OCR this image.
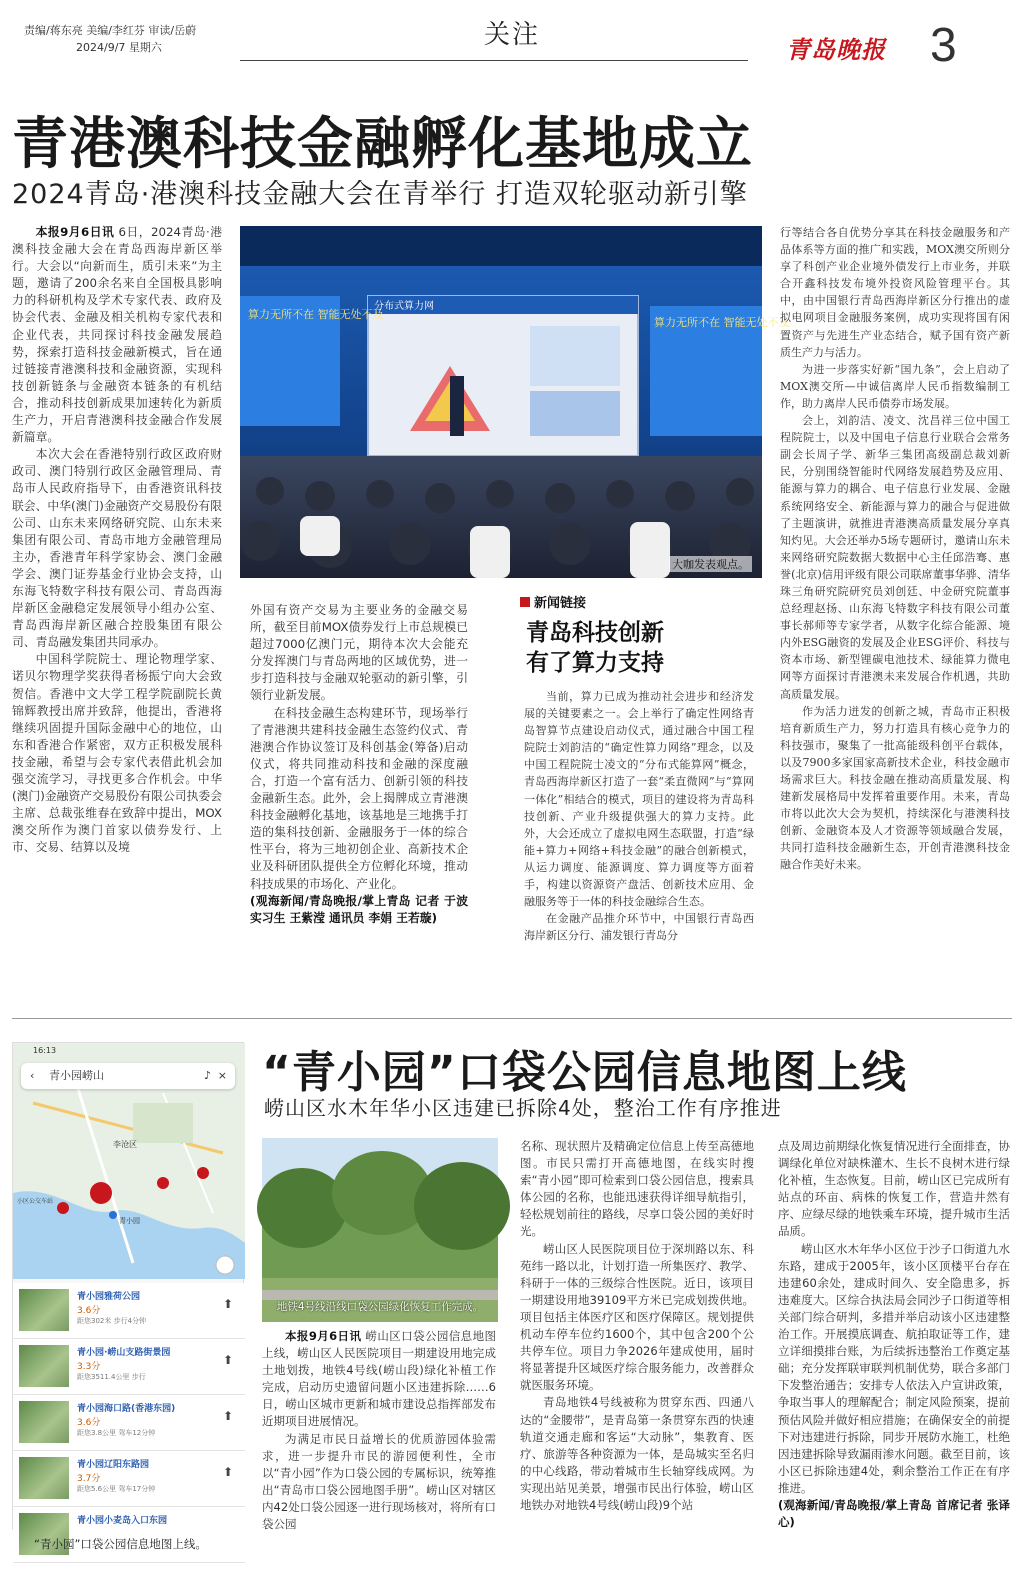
责编/蒋东亮 美编/李红芬 审读/岳蔚
2024/9/7 星期六	关注	青岛晚报 3
青港澳科技金融孵化基地成立
2024青岛·港澳科技金融大会在青举行 打造双轮驱动新引擎

本报9月6日讯 6日，2024青岛·港澳科技金融大会在青岛西海岸新区举行。大会以“向新而生，质引未来”为主题，邀请了200余名来自全国极具影响力的科研机构及学术专家代表、政府及协会代表、金融及相关机构专家代表和企业代表，共同探讨科技金融发展趋势，探索打造科技金融新模式，旨在通过链接青港澳科技和金融资源，实现科技创新链条与金融资本链条的有机结合，推动科技创新成果加速转化为新质生产力，开启青港澳科技金融合作发展新篇章。

本次大会在香港特别行政区政府财政司、澳门特别行政区金融管理局、青岛市人民政府指导下，由香港资讯科技联会、中华(澳门)金融资产交易股份有限公司、山东未来网络研究院、山东未来集团有限公司、青岛市地方金融管理局主办，香港青年科学家协会、澳门金融学会、澳门证券基金行业协会支持，山东海飞特数字科技有限公司、青岛西海岸新区金融稳定发展领导小组办公室、青岛西海岸新区融合控股集团有限公司、青岛融发集团共同承办。

中国科学院院士、理论物理学家、诺贝尔物理学奖获得者杨振宁向大会致贺信。香港中文大学工程学院副院长黄锦辉教授出席并致辞，他提出，香港将继续巩固提升国际金融中心的地位，山东和香港合作紧密，双方正积极发展科技金融，希望与会专家代表借此机会加强交流学习，寻找更多合作机会。中华(澳门)金融资产交易股份有限公司执委会主席、总裁张维春在致辞中提出，MOX澳交所作为澳门首家以债券发行、上市、交易、结算以及境

算力无所不在 智能无处不及
算力无所不在 智能无处不及
分布式算力网
大咖发表观点。

外国有资产交易为主要业务的金融交易所，截至目前MOX债券发行上市总规模已超过7000亿澳门元，期待本次大会能充分发挥澳门与青岛两地的区域优势，进一步打造科技与金融双轮驱动的新引擎，引领行业新发展。

在科技金融生态构建环节，现场举行了青港澳共建科技金融生态签约仪式、青港澳合作协议签订及科创基金(筹备)启动仪式，将共同推动科技和金融的深度融合，打造一个富有活力、创新引领的科技金融新生态。此外，会上揭牌成立青港澳科技金融孵化基地，该基地是三地携手打造的集科技创新、金融服务于一体的综合性平台，将为三地初创企业、高新技术企业及科研团队提供全方位孵化环境，推动科技成果的市场化、产业化。

(观海新闻/青岛晚报/掌上青岛 记者 于波 实习生 王紫滢 通讯员 李娟 王若璇)

新闻链接
青岛科技创新
有了算力支持

当前，算力已成为推动社会进步和经济发展的关键要素之一。会上举行了确定性网络青岛智算节点建设启动仪式，通过融合中国工程院院士刘韵洁的“确定性算力网络”理念，以及中国工程院院士凌文的“分布式能算网”概念，青岛西海岸新区打造了一套“柔直微网”与“算网一体化”相结合的模式，项目的建设将为青岛科技创新、产业升级提供强大的算力支持。此外，大会还成立了虚拟电网生态联盟，打造“绿能+算力+网络+科技金融”的融合创新模式，从运力调度、能源调度、算力调度等方面着手，构建以资源资产盘活、创新技术应用、金融服务等于一体的科技金融综合生态。

在金融产品推介环节中，中国银行青岛西海岸新区分行、浦发银行青岛分

行等结合各自优势分享其在科技金融服务和产品体系等方面的推广和实践，MOX澳交所则分享了科创产业企业境外债发行上市业务，并联合开鑫科技发布境外投资风险管理平台。其中，由中国银行青岛西海岸新区分行推出的虚拟电网项目金融服务案例，成功实现将国有闲置资产与先进生产业态结合，赋予国有资产新质生产力与活力。

为进一步落实好新“国九条”，会上启动了MOX澳交所—中诚信离岸人民币指数编制工作，助力离岸人民币债券市场发展。

会上，刘韵洁、凌文、沈昌祥三位中国工程院院士，以及中国电子信息行业联合会常务副会长周子学、新华三集团高级副总裁刘新民，分别围绕智能时代网络发展趋势及应用、能源与算力的耦合、电子信息行业发展、金融系统网络安全、新能源与算力的融合与促进做了主题演讲，就推进青港澳高质量发展分享真知灼见。大会还举办5场专题研讨，邀请山东未来网络研究院数据大数据中心主任邱浩骞、惠誉(北京)信用评级有限公司联席董事华骅、清华珠三角研究院研究员刘创廷、中金研究院董事总经理赵扬、山东海飞特数字科技有限公司董事长郝师等专家学者，从数字化综合能源、境内外ESG融资的发展及企业ESG评价、科技与资本市场、新型锂碳电池技术、绿能算力微电网等方面探讨青港澳未来发展合作机遇，共助高质量发展。

作为活力迸发的创新之城，青岛市正积极培育新质生产力，努力打造具有核心竞争力的科技强市，聚集了一批高能级科创平台载体，以及7900多家国家高新技术企业，科技金融市场需求巨大。科技金融在推动高质量发展、构建新发展格局中发挥着重要作用。未来，青岛市将以此次大会为契机，持续深化与港澳科技创新、金融资本及人才资源等领域融合发展，共同打造科技金融新生态，开创青港澳科技金融合作美好未来。

“青小园”口袋公园信息地图上线
崂山区水木年华小区违建已拆除4处，整治工作有序推进
李沧区
青小园
小区公交车站
16:13
‹ 青小园崂山	♪ ×
青小园雅荷公园
3.6分
距您302米 步行4分钟
⬆
青小园·崂山支路街景园
3.3分
距您3511.4公里 步行
⬆
青小园海口路(香港东园)
3.6分
距您3.8公里 驾车12分钟
⬆
青小园辽阳东路园
3.7分
距您5.6公里 驾车17分钟
⬆
青小园小麦岛入口东园
“青小园”口袋公园信息地图上线。
地铁4号线沿线口袋公园绿化恢复工作完成。

本报9月6日讯 崂山区口袋公园信息地图上线，崂山区人民医院项目一期建设用地完成土地划拨，地铁4号线(崂山段)绿化补植工作完成，启动历史遗留问题小区违建拆除……6日，崂山区城市更新和城市建设总指挥部发布近期项目进展情况。

为满足市民日益增长的优质游园体验需求，进一步提升市民的游园便利性，全市以“青小园”作为口袋公园的专属标识，统筹推出“青岛市口袋公园地图手册”。崂山区对辖区内42处口袋公园逐一进行现场核对，将所有口袋公园

名称、现状照片及精确定位信息上传至高德地图。市民只需打开高德地图，在线实时搜索“青小园”即可检索到口袋公园信息，搜索具体公园的名称，也能迅速获得详细导航指引，轻松规划前往的路线，尽享口袋公园的美好时光。

崂山区人民医院项目位于深圳路以东、科苑纬一路以北，计划打造一所集医疗、教学、科研于一体的三级综合性医院。近日，该项目一期建设用地39109平方米已完成划拨供地。项目包括主体医疗区和医疗保障区。规划提供机动车停车位约1600个，其中包含200个公共停车位。项目力争2026年建成使用，届时将显著提升区域医疗综合服务能力，改善群众就医服务环境。

青岛地铁4号线被称为贯穿东西、四通八达的“金腰带”，是青岛第一条贯穿东西的快速轨道交通走廊和客运“大动脉”，集教育、医疗、旅游等各种资源为一体，是岛城实至名归的中心线路，带动着城市生长轴穿线成网。为实现出站见美景，增强市民出行体验，崂山区地铁办对地铁4号线(崂山段)9个站

点及周边前期绿化恢复情况进行全面排查，协调绿化单位对缺株灌木、生长不良树木进行绿化补植，生态恢复。目前，崂山区已完成所有站点的环亩、病株的恢复工作，营造井然有序、应绿尽绿的地铁乘车环境，提升城市生活品质。

崂山区水木年华小区位于沙子口街道九水东路，建成于2005年，该小区顶楼平台存在违建60余处，建成时间久、安全隐患多，拆违难度大。区综合执法局会同沙子口街道等相关部门综合研判，多措并举启动该小区违建整治工作。开展摸底调查、航拍取证等工作，建立详细摸排台账，为后续拆违整治工作奠定基础；充分发挥联审联判机制优势，联合多部门下发整治通告；安排专人依法入户宣讲政策，争取当事人的理解配合；制定风险预案，提前预估风险并做好相应措施；在确保安全的前提下对违建进行拆除，同步开展防水施工，杜绝因违建拆除导致漏雨渗水问题。截至目前，该小区已拆除违建4处，剩余整治工作正在有序推进。

(观海新闻/青岛晚报/掌上青岛 首席记者 张译心)
